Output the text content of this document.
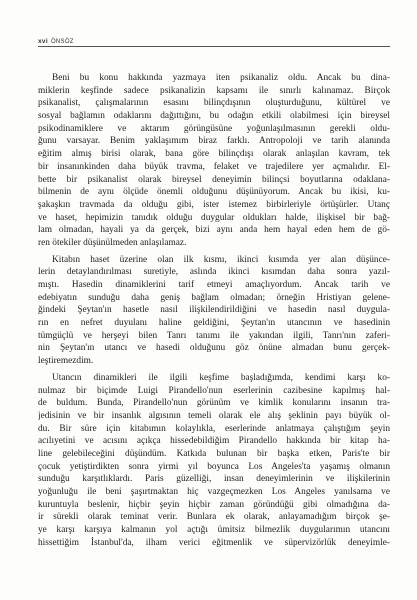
xvi ÖNSÖZ
Beni bu konu hakkında yazmaya iten psikanaliz oldu. Ancak bu dina-
miklerin keşfinde sadece psikanalizin kapsamı ile sınırlı kalınamaz. Birçok
psikanalist, çalışmalarının esasını bilinçdışının oluşturduğunu, kültürel ve
sosyal bağlamın odaklarını dağıttığını, bu odağın etkili olabilmesi için bireysel
psikodinamiklere ve aktarım görüngüsüne yoğunlaşılmasının gerekli oldu-
ğunu varsayar. Benim yaklaşımım biraz farklı. Antropoloji ve tarih alanında
eğitim almış birisi olarak, bana göre bilinçdışı olarak anlaşılan kavram, tek
bir insanınkinden daha büyük travma, felaket ve trajedilere yer açmalıdır. El-
bette bir psikanalist olarak bireysel deneyimin bilinçsi boyutlarına odaklana-
bilmenin de aynı ölçüde önemli olduğunu düşünüyorum. Ancak bu ikisi, ku-
şakaşkın travmada da olduğu gibi, ister istemez birbirleriyle örtüşürler. Utanç
ve haset, hepimizin tanıdık olduğu duygular oldukları halde, ilişkisel bir bağ-
lam olmadan, hayali ya da gerçek, bizi aynı anda hem hayal eden hem de gö-
ren ötekiler düşünülmeden anlaşılamaz.
Kitabın haset üzerine olan ilk kısmı, ikinci kısımda yer alan düşünce-
lerin detaylandırılması suretiyle, aslında ikinci kısımdan daha sonra yazıl-
mıştı. Hasedin dinamiklerini tarif etmeyi amaçlıyordum. Ancak tarih ve
edebiyatın sunduğu daha geniş bağlam olmadan; örneğin Hristiyan gelene-
ğindeki Şeytan'ın hasetle nasıl ilişkilendirildiğini ve hasedin nasıl duygula-
rın en nefret duyulanı haline geldiğini, Şeytan'ın utancının ve hasedinin
tümgüçlü ve herşeyi bilen Tanrı tanımı ile yakından ilgili, Tanrı'nın zaferi-
nin Şeytan'ın utancı ve hasedi olduğunu göz önüne almadan bunu gerçek-
leştiremezdim.
Utancın dinamikleri ile ilgili keşfime başladığımda, kendimi karşı ko-
nulmaz bir biçimde Luigi Pirandello'nun eserlerinin cazibesine kapılmış hal-
de buldum. Bunda, Pirandello'nun görünüm ve kimlik konularını insanın tra-
jedisinin ve bir insanlık algısının temeli olarak ele alış şeklinin payı büyük ol-
du. Bir süre için kitabımın kolaylıkla, eserlerinde anlatmaya çalıştığım şeyin
acılıyetini ve acısını açıkça hissedebildiğim Pirandello hakkında bir kitap ha-
line gelebileceğini düşündüm. Katkıda bulunan bir başka etken, Paris'te bir
çocuk yetiştirdikten sonra yirmi yıl boyunca Los Angeles'ta yaşamış olmanın
sunduğu karşıtlıklardı. Paris güzelliği, insan deneyimlerinin ve ilişkilerinin
yoğunluğu ile beni şaşırtmaktan hiç vazgeçmezken Los Angeles yanılsama ve
kuruntuyla beslenir, hiçbir şeyin hiçbir zaman göründüğü gibi olmadığına da-
ir sürekli olarak teminat verir. Bunlara ek olarak, anlayamadığım birçok şe-
ye karşı karşıya kalmanın yol açtığı ümitsiz bilmezlik duygularımın utancını
hissettiğim İstanbul'da, ilham verici eğitmenlik ve süpervizörlük deneyimle-
